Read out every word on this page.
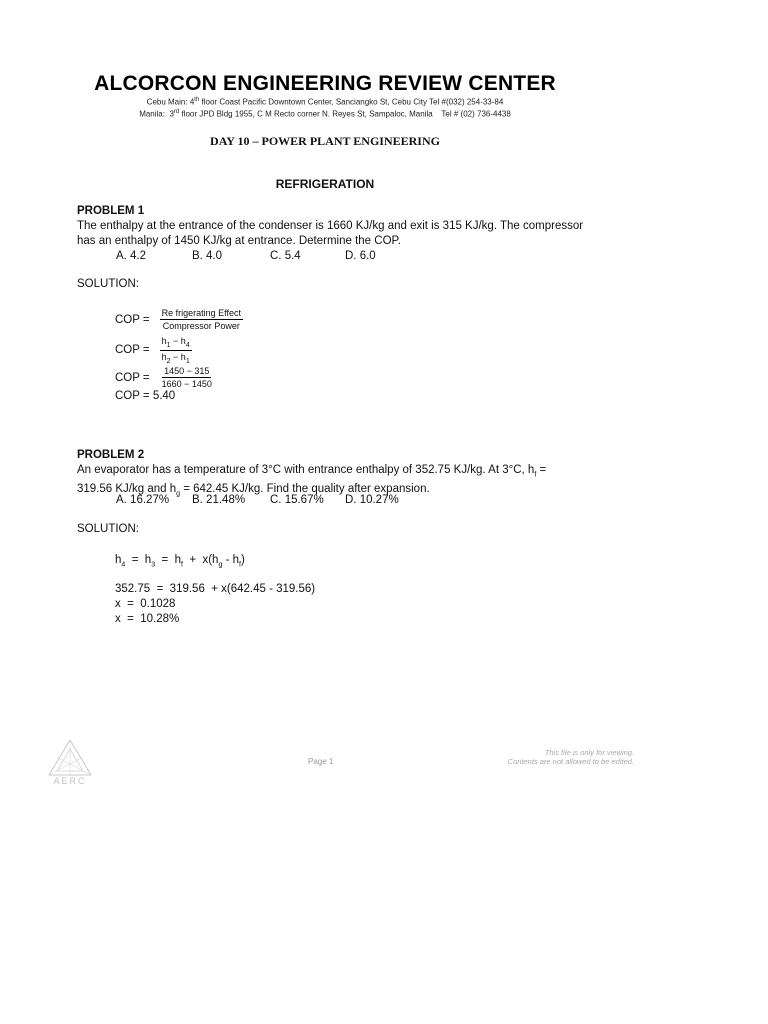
ALCORCON ENGINEERING REVIEW CENTER
Cebu Main: 4th floor Coast Pacific Downtown Center, Sanciangko St, Cebu City Tel #(032) 254-33-84
Manila: 3rd floor JPD Bldg 1955, C M Recto corner N. Reyes St, Sampaloc, Manila    Tel # (02) 736-4438
DAY 10 – POWER PLANT ENGINEERING
REFRIGERATION
PROBLEM 1
The enthalpy at the entrance of the condenser is 1660 KJ/kg and exit is 315 KJ/kg. The compressor
has an enthalpy of 1450 KJ/kg at entrance. Determine the COP.
A. 4.2	B. 4.0	C. 5.4	D. 6.0
SOLUTION:
COP = $\frac{\text{Re frigerating Effect}}{\text{Compressor Power}}$
COP = $\frac{h_1 - h_4}{h_2 - h_1}$
COP = $\frac{1450 - 315}{1660 - 1450}$
COP = 5.40
PROBLEM 2
An evaporator has a temperature of 3°C with entrance enthalpy of 352.75 KJ/kg. At 3°C, $h_f$ =
319.56 KJ/kg and $h_g = 642.45$ KJ/kg. Find the quality after expansion.
A. 16.27% B. 21.48% C. 15.67% D. 10.27%
SOLUTION:
$h_4 = h_3 = h_f + x(h_g - h_f)$
352.75  =  319.56  + x(642.45 - 319.56)
x  =  0.1028
x  =  10.28%
AERC
Page 1
This file is only for viewing.
Contents are not allowed to be edited.
